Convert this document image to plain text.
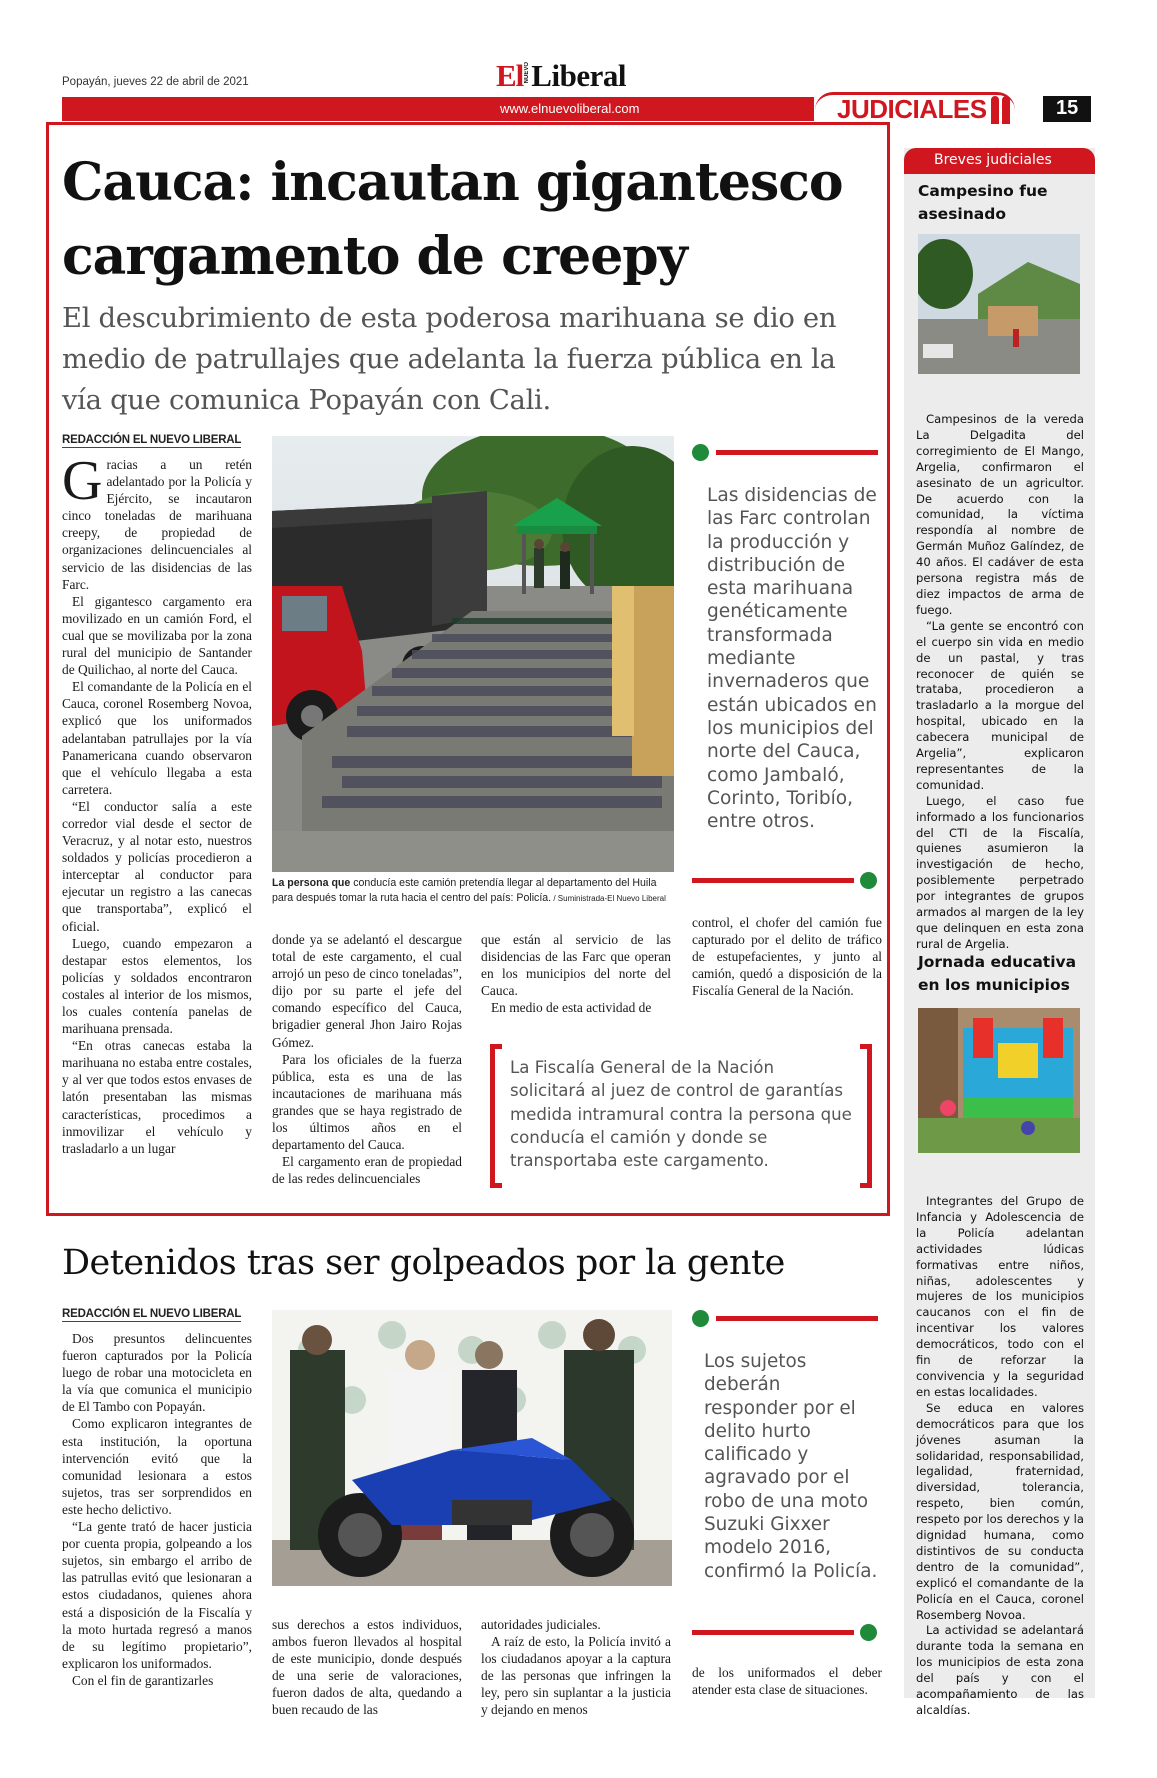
Popayán, jueves 22 de abril de 2021	ElNUEVOLiberal
www.elnuevoliberal.com	JUDICIALES	15
Cauca: incautan gigantesco
cargamento de creepy
El descubrimiento de esta poderosa marihuana se dio en medio de patrullajes que adelanta la fuerza pública en la vía que comunica Popayán con Cali.
REDACCIÓN EL NUEVO LIBERAL
G racias a un retén adelantado por la Policía y Ejército, se incautaron cinco toneladas de marihuana creepy, de propiedad de organizaciones delincuenciales al servicio de las disidencias de las Farc.

El gigantesco cargamento era movilizado en un camión Ford, el cual que se movilizaba por la zona rural del municipio de Santander de Quilichao, al norte del Cauca.

El comandante de la Policía en el Cauca, coronel Rosemberg Novoa, explicó que los uniformados adelantaban patrullajes por la vía Panamericana cuando observaron que el vehículo llegaba a esta carretera.

“El conductor salía a este corredor vial desde el sector de Veracruz, y al notar esto, nuestros soldados y policías procedieron a interceptar al conductor para ejecutar un registro a las canecas que transportaba”, explicó el oficial.

Luego, cuando empezaron a destapar estos elementos, los policías y soldados encontraron costales al interior de los mismos, los cuales contenía panelas de marihuana prensada.

“En otras canecas estaba la marihuana no estaba entre costales, y al ver que todos estos envases de latón presentaban las mismas características, procedimos a inmovilizar el vehículo y trasladarlo a un lugar

La persona que conducía este camión pretendía llegar al departamento del Huila para después tomar la ruta hacia el centro del país: Policía. / Suministrada-El Nuevo Liberal
Las disidencias de las Farc controlan la producción y distribución de esta marihuana genéticamente transformada mediante invernaderos que están ubicados en los municipios del norte del Cauca, como Jambaló, Corinto, Toribío, entre otros.

donde ya se adelantó el descargue total de este cargamento, el cual arrojó un peso de cinco toneladas”, dijo por su parte el jefe del comando específico del Cauca, brigadier general Jhon Jairo Rojas Gómez.

Para los oficiales de la fuerza pública, esta es una de las incautaciones de marihuana más grandes que se haya registrado de los últimos años en el departamento del Cauca.

El cargamento eran de propiedad de las redes delincuenciales

que están al servicio de las disidencias de las Farc que operan en los municipios del norte del Cauca.

En medio de esta actividad de

control, el chofer del camión fue capturado por el delito de tráfico de estupefacientes, y junto al camión, quedó a disposición de la Fiscalía General de la Nación.

La Fiscalía General de la Nación solicitará al juez de control de garantías medida intramural contra la persona que conducía el camión y donde se transportaba este cargamento.
Detenidos tras ser golpeados por la gente
REDACCIÓN EL NUEVO LIBERAL

Dos presuntos delincuentes fueron capturados por la Policía luego de robar una motocicleta en la vía que comunica el municipio de El Tambo con Popayán.

Como explicaron integrantes de esta institución, la oportuna intervención evitó que la comunidad lesionara a estos sujetos, tras ser sorprendidos en este hecho delictivo.

“La gente trató de hacer justicia por cuenta propia, golpeando a los sujetos, sin embargo el arribo de las patrullas evitó que lesionaran a estos ciudadanos, quienes ahora está a disposición de la Fiscalía y la moto hurtada regresó a manos de su legítimo propietario”, explicaron los uniformados.

Con el fin de garantizarles

sus derechos a estos individuos, ambos fueron llevados al hospital de este municipio, donde después de una serie de valoraciones, fueron dados de alta, quedando a buen recaudo de las

autoridades judiciales.

A raíz de esto, la Policía invitó a los ciudadanos apoyar a la captura de las personas que infringen la ley, pero sin suplantar a la justicia y dejando en menos

Los sujetos deberán responder por el delito hurto calificado y agravado por el robo de una moto Suzuki Gixxer modelo 2016, confirmó la Policía.

de los uniformados el deber atender esta clase de situaciones.

Breves judiciales
Campesino fue asesinado

Campesinos de la vereda La Delgadita del corregimiento de El Mango, Argelia, confirmaron el asesinato de un agricultor. De acuerdo con la comunidad, la víctima respondía al nombre de Germán Muñoz Galíndez, de 40 años. El cadáver de esta persona registra más de diez impactos de arma de fuego.

“La gente se encontró con el cuerpo sin vida en medio de un pastal, y tras reconocer de quién se trataba, procedieron a trasladarlo a la morgue del hospital, ubicado en la cabecera municipal de Argelia”, explicaron representantes de la comunidad.

Luego, el caso fue informado a los funcionarios del CTI de la Fiscalía, quienes asumieron la investigación de hecho, posiblemente perpetrado por integrantes de grupos armados al margen de la ley que delinquen en esta zona rural de Argelia.

Jornada educativa en los municipios

Integrantes del Grupo de Infancia y Adolescencia de la Policía adelantan actividades lúdicas formativas entre niños, niñas, adolescentes y mujeres de los municipios caucanos con el fin de incentivar los valores democráticos, todo con el fin de reforzar la convivencia y la seguridad en estas localidades.

Se educa en valores democráticos para que los jóvenes asuman la solidaridad, responsabilidad, legalidad, fraternidad, diversidad, tolerancia, respeto, bien común, respeto por los derechos y la dignidad humana, como distintivos de su conducta dentro de la comunidad”, explicó el comandante de la Policía en el Cauca, coronel Rosemberg Novoa.

La actividad se adelantará durante toda la semana en los municipios de esta zona del país y con el acompañamiento de las alcaldías.
